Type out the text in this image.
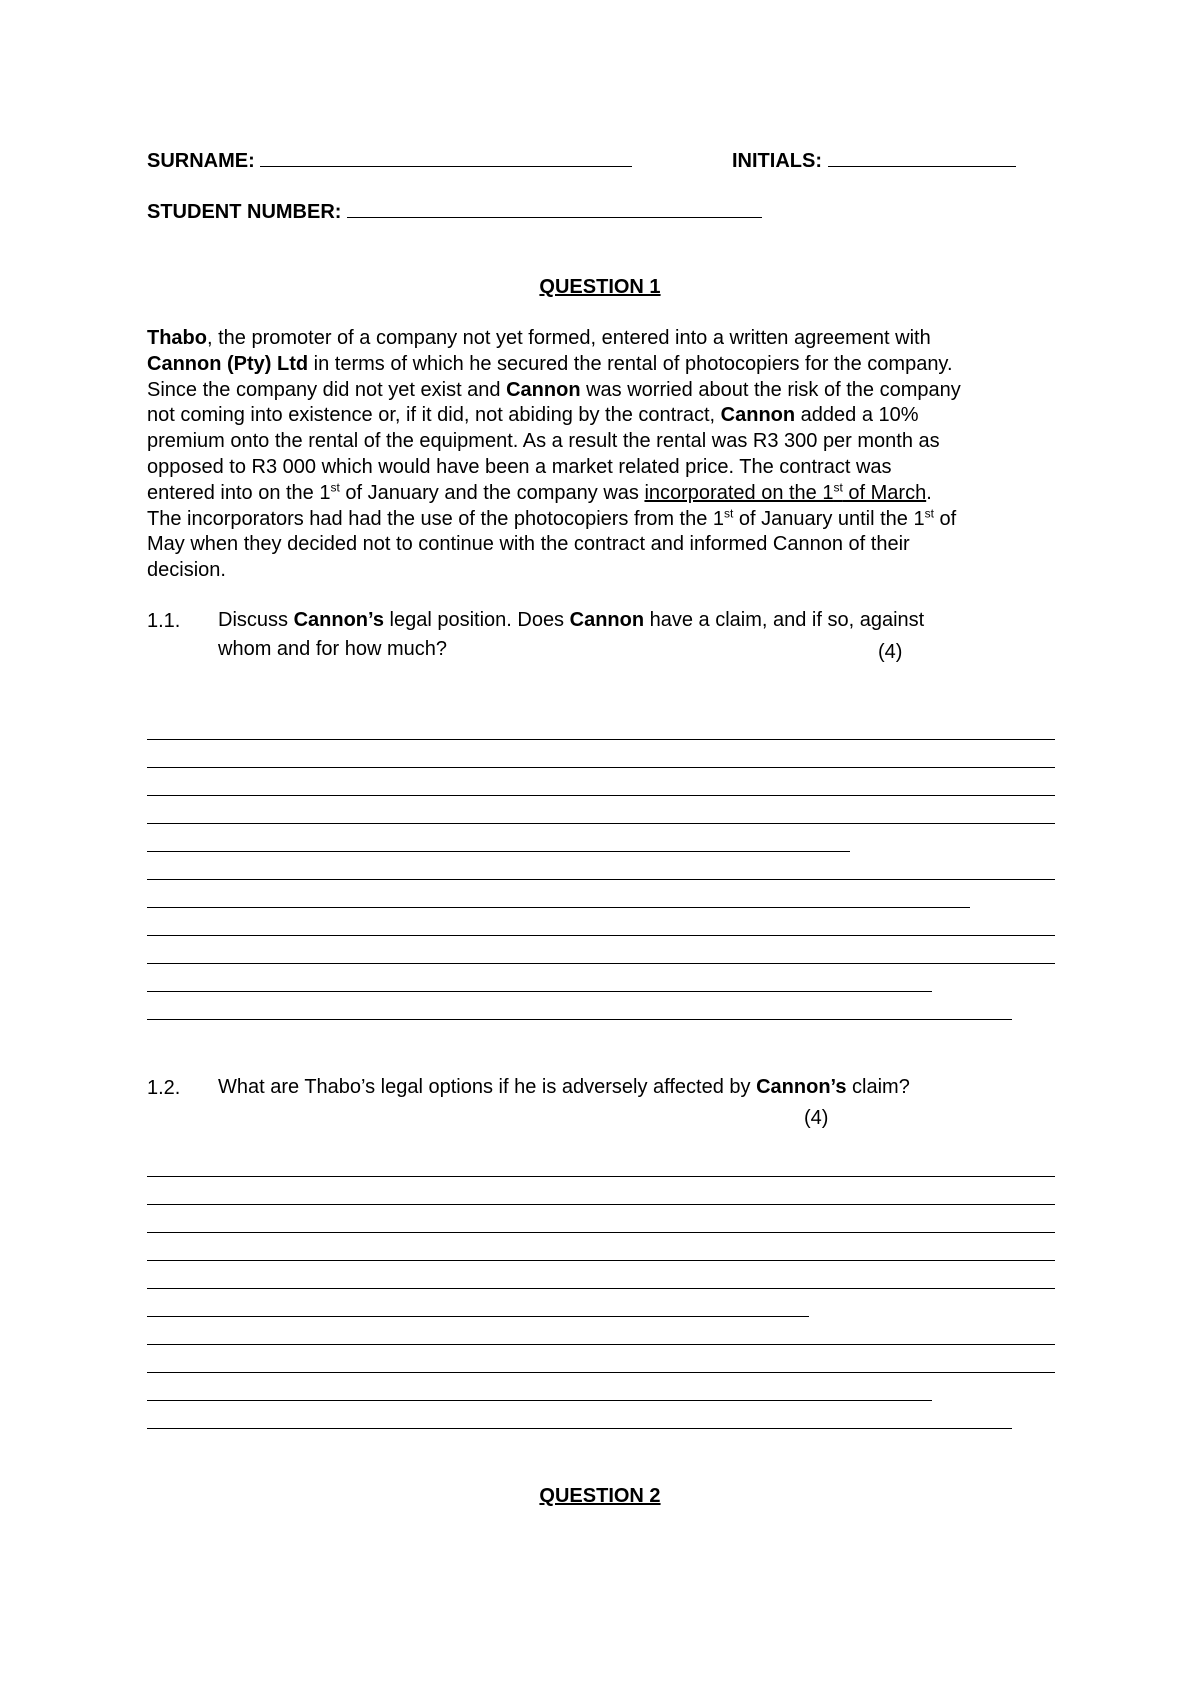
SURNAME:	INITIALS:
STUDENT NUMBER:
QUESTION 1
Thabo, the promoter of a company not yet formed, entered into a written agreement with
Cannon (Pty) Ltd in terms of which he secured the rental of photocopiers for the company.
Since the company did not yet exist and Cannon was worried about the risk of the company
not coming into existence or, if it did, not abiding by the contract, Cannon added a 10%
premium onto the rental of the equipment. As a result the rental was R3 300 per month as
opposed to R3 000 which would have been a market related price. The contract was
entered into on the 1st of January and the company was incorporated on the 1st of March.
The incorporators had had the use of the photocopiers from the 1st of January until the 1st of
May when they decided not to continue with the contract and informed Cannon of their
decision.
1.1. Discuss Cannon’s legal position. Does Cannon have a claim, and if so, against
whom and for how much?	(4)
1.2. What are Thabo’s legal options if he is adversely affected by Cannon’s claim?
(4)
QUESTION 2
